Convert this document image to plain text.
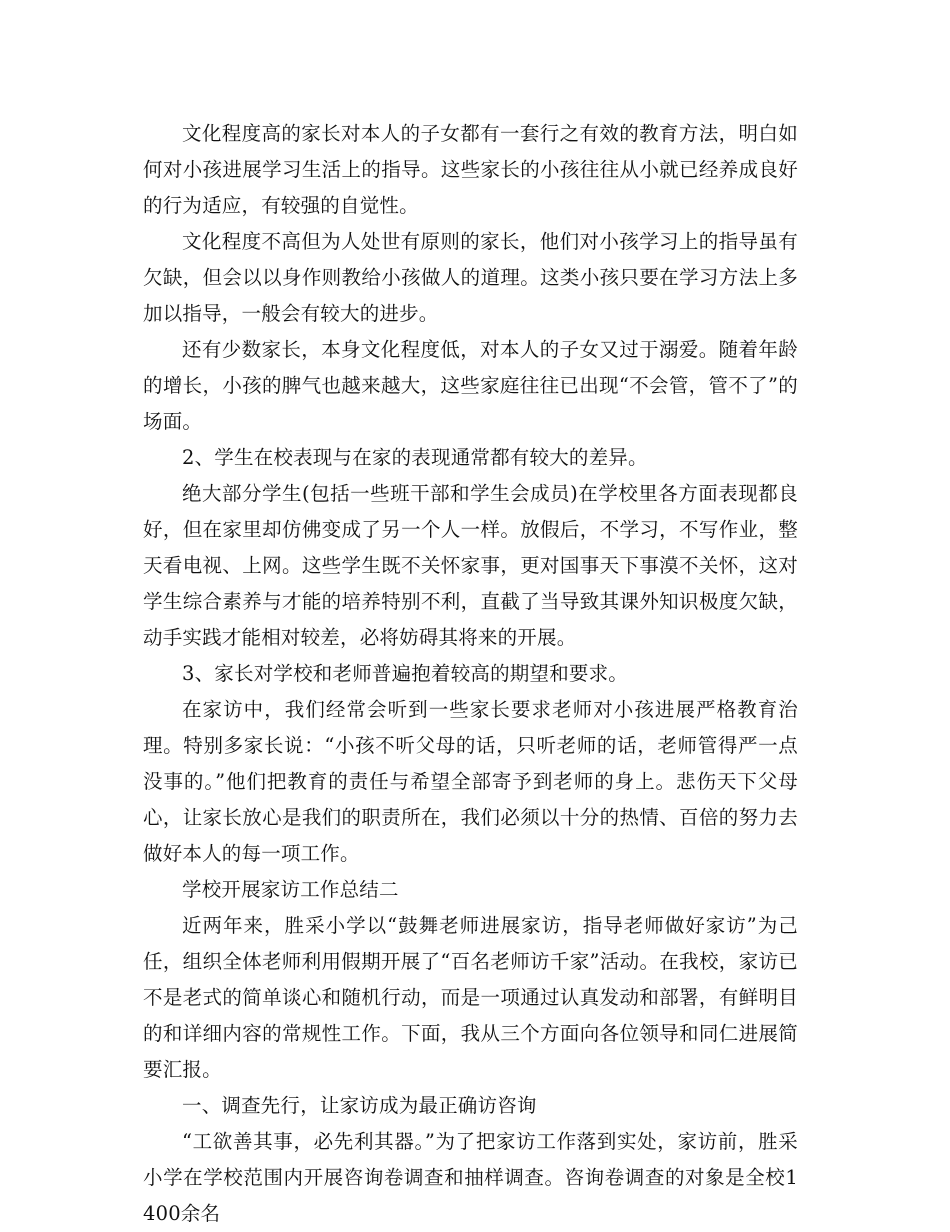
文化程度高的家长对本人的子女都有一套行之有效的教育方法，明白如何对小孩进展学习生活上的指导。这些家长的小孩往往从小就已经养成良好的行为适应，有较强的自觉性。

文化程度不高但为人处世有原则的家长，他们对小孩学习上的指导虽有欠缺，但会以以身作则教给小孩做人的道理。这类小孩只要在学习方法上多加以指导，一般会有较大的进步。

还有少数家长，本身文化程度低，对本人的子女又过于溺爱。随着年龄的增长，小孩的脾气也越来越大，这些家庭往往已出现“不会管，管不了”的场面。

2、学生在校表现与在家的表现通常都有较大的差异。

绝大部分学生(包括一些班干部和学生会成员)在学校里各方面表现都良好，但在家里却仿佛变成了另一个人一样。放假后，不学习，不写作业，整天看电视、上网。这些学生既不关怀家事，更对国事天下事漠不关怀，这对学生综合素养与才能的培养特别不利，直截了当导致其课外知识极度欠缺，动手实践才能相对较差，必将妨碍其将来的开展。

3、家长对学校和老师普遍抱着较高的期望和要求。

在家访中，我们经常会听到一些家长要求老师对小孩进展严格教育治理。特别多家长说：“小孩不听父母的话，只听老师的话，老师管得严一点没事的。”他们把教育的责任与希望全部寄予到老师的身上。悲伤天下父母心，让家长放心是我们的职责所在，我们必须以十分的热情、百倍的努力去做好本人的每一项工作。

学校开展家访工作总结二

近两年来，胜采小学以“鼓舞老师进展家访，指导老师做好家访”为己任，组织全体老师利用假期开展了“百名老师访千家”活动。在我校，家访已不是老式的简单谈心和随机行动，而是一项通过认真发动和部署，有鲜明目的和详细内容的常规性工作。下面，我从三个方面向各位领导和同仁进展简要汇报。

一、调查先行，让家访成为最正确访咨询

“工欲善其事，必先利其器。”为了把家访工作落到实处，家访前，胜采小学在学校范围内开展咨询卷调查和抽样调查。咨询卷调查的对象是全校1400余名
